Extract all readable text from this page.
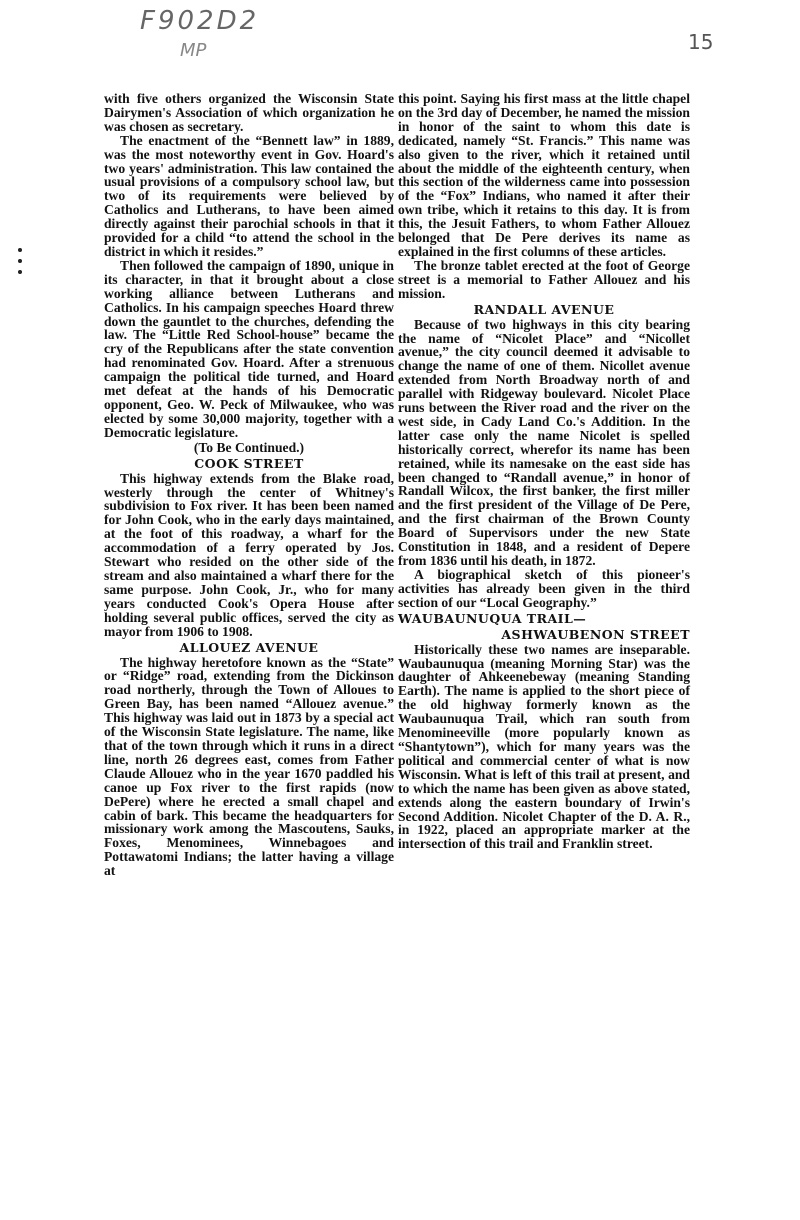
F902D2
MP	15

with five others organized the Wisconsin State Dairymen's Association of which organization he was chosen as secretary.

The enactment of the “Bennett law” in 1889, was the most noteworthy event in Gov. Hoard's two years' administration. This law contained the usual provisions of a compulsory school law, but two of its requirements were believed by Catholics and Lutherans, to have been aimed directly against their parochial schools in that it provided for a child “to attend the school in the district in which it resides.”

Then followed the campaign of 1890, unique in its character, in that it brought about a close working alliance between Lutherans and Catholics. In his campaign speeches Hoard threw down the gauntlet to the churches, defending the law. The “Little Red School-house” became the cry of the Republicans after the state convention had renominated Gov. Hoard. After a strenuous campaign the political tide turned, and Hoard met defeat at the hands of his Democratic opponent, Geo. W. Peck of Milwaukee, who was elected by some 30,000 majority, together with a Democratic legislature.

(To Be Continued.)
COOK STREET

This highway extends from the Blake road, westerly through the center of Whitney's subdivision to Fox river. It has been been named for John Cook, who in the early days maintained, at the foot of this roadway, a wharf for the accommodation of a ferry operated by Jos. Stewart who resided on the other side of the stream and also maintained a wharf there for the same purpose. John Cook, Jr., who for many years conducted Cook's Opera House after holding several public offices, served the city as mayor from 1906 to 1908.

ALLOUEZ AVENUE

The highway heretofore known as the “State” or “Ridge” road, extending from the Dickinson road northerly, through the Town of Alloues to Green Bay, has been named “Allouez avenue.” This highway was laid out in 1873 by a special act of the Wisconsin State legislature. The name, like that of the town through which it runs in a direct line, north 26 degrees east, comes from Father Claude Allouez who in the year 1670 paddled his canoe up Fox river to the first rapids (now DePere) where he erected a small chapel and cabin of bark. This became the headquarters for missionary work among the Mascoutens, Sauks, Foxes, Menominees, Winnebagoes and Pottawatomi Indians; the latter having a village at

this point. Saying his first mass at the little chapel on the 3rd day of December, he named the mission in honor of the saint to whom this date is dedicated, namely “St. Francis.” This name was also given to the river, which it retained until about the middle of the eighteenth century, when this section of the wilderness came into possession of the “Fox” Indians, who named it after their own tribe, which it retains to this day. It is from this, the Jesuit Fathers, to whom Father Allouez belonged that De Pere derives its name as explained in the first columns of these articles.

The bronze tablet erected at the foot of George street is a memorial to Father Allouez and his mission.

RANDALL AVENUE

Because of two highways in this city bearing the name of “Nicolet Place” and “Nicollet avenue,” the city council deemed it advisable to change the name of one of them. Nicollet avenue extended from North Broadway north of and parallel with Ridgeway boulevard. Nicolet Place runs between the River road and the river on the west side, in Cady Land Co.'s Addition. In the latter case only the name Nicolet is spelled historically correct, wherefor its name has been retained, while its namesake on the east side has been changed to “Randall avenue,” in honor of Randall Wilcox, the first banker, the first miller and the first president of the Village of De Pere, and the first chairman of the Brown County Board of Supervisors under the new State Constitution in 1848, and a resident of Depere from 1836 until his death, in 1872.

A biographical sketch of this pioneer's activities has already been given in the third section of our “Local Geography.”

WAUBAUNUQUA TRAIL—
ASHWAUBENON STREET

Historically these two names are inseparable. Waubaunuqua (meaning Morning Star) was the daughter of Ahkeenebeway (meaning Standing Earth). The name is applied to the short piece of the old highway formerly known as the Waubaunuqua Trail, which ran south from Menomineeville (more popularly known as “Shantytown”), which for many years was the political and commercial center of what is now Wisconsin. What is left of this trail at present, and to which the name has been given as above stated, extends along the eastern boundary of Irwin's Second Addition. Nicolet Chapter of the D. A. R., in 1922, placed an appropriate marker at the intersection of this trail and Franklin street.
